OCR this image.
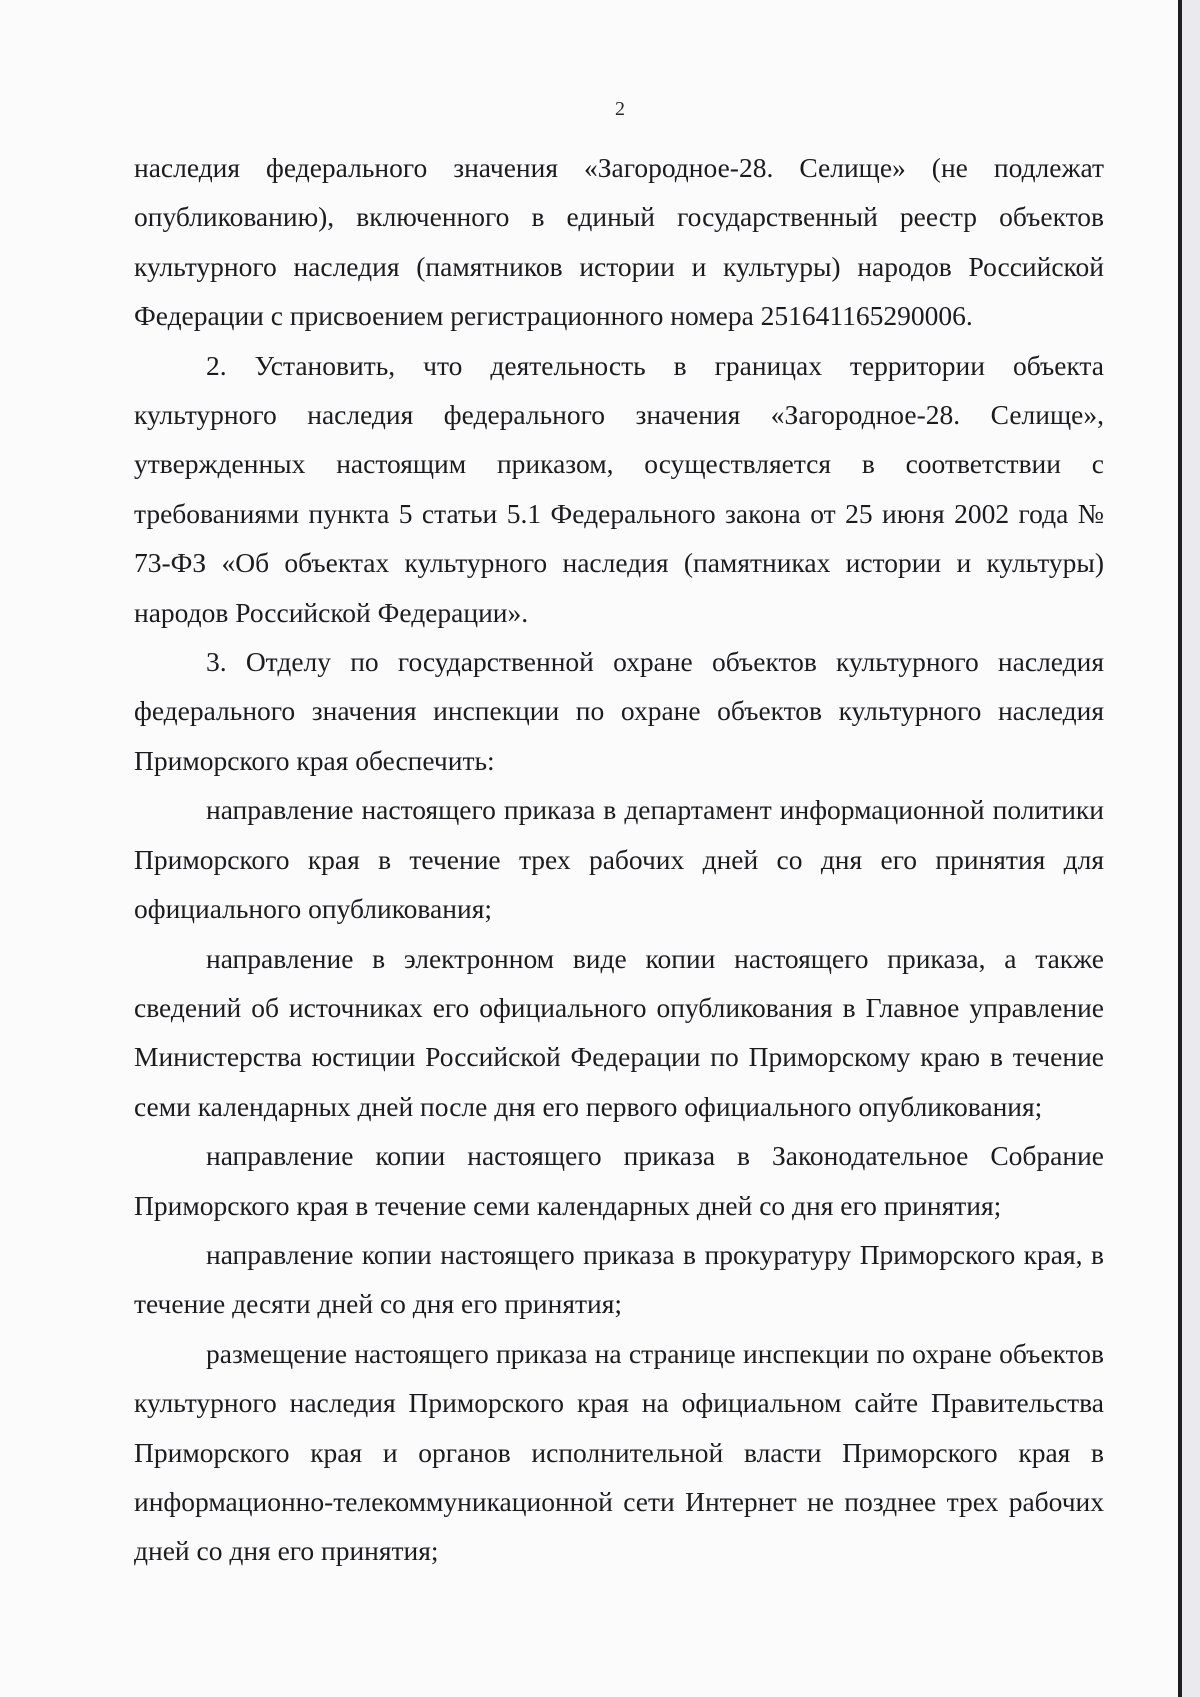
2

наследия федерального значения «Загородное-28. Селище» (не подлежат опубликованию), включенного в единый государственный реестр объектов культурного наследия (памятников истории и культуры) народов Российской Федерации с присвоением регистрационного номера 251641165290006.

2. Установить, что деятельность в границах территории объекта культурного наследия федерального значения «Загородное-28. Селище», утвержденных настоящим приказом, осуществляется в соответствии с требованиями пункта 5 статьи 5.1 Федерального закона от 25 июня 2002 года № 73-ФЗ «Об объектах культурного наследия (памятниках истории и культуры) народов Российской Федерации».

3. Отделу по государственной охране объектов культурного наследия федерального значения инспекции по охране объектов культурного наследия Приморского края обеспечить:

направление настоящего приказа в департамент информационной политики Приморского края в течение трех рабочих дней со дня его принятия для официального опубликования;

направление в электронном виде копии настоящего приказа, а также сведений об источниках его официального опубликования в Главное управление Министерства юстиции Российской Федерации по Приморскому краю в течение семи календарных дней после дня его первого официального опубликования;

направление копии настоящего приказа в Законодательное Собрание Приморского края в течение семи календарных дней со дня его принятия;

направление копии настоящего приказа в прокуратуру Приморского края, в течение десяти дней со дня его принятия;

размещение настоящего приказа на странице инспекции по охране объектов культурного наследия Приморского края на официальном сайте Правительства Приморского края и органов исполнительной власти Приморского края в информационно-телекоммуникационной сети Интернет не позднее трех рабочих дней со дня его принятия;
